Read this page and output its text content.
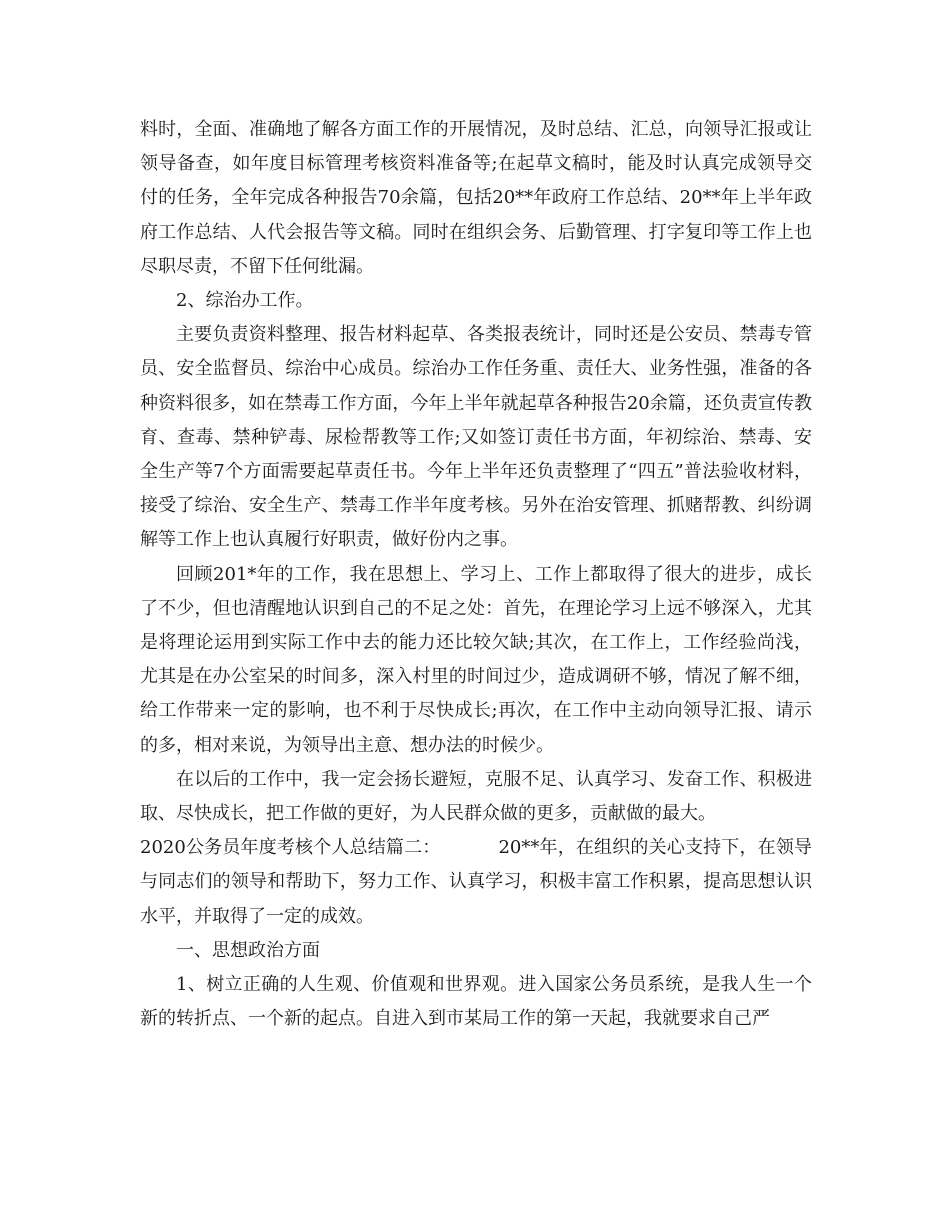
料时，全面、准确地了解各方面工作的开展情况，及时总结、汇总，向领导汇报或让领导备查，如年度目标管理考核资料准备等;在起草文稿时，能及时认真完成领导交付的任务，全年完成各种报告70余篇，包括20**年政府工作总结、20**年上半年政府工作总结、人代会报告等文稿。同时在组织会务、后勤管理、打字复印等工作上也尽职尽责，不留下任何纰漏。

2、综治办工作。

主要负责资料整理、报告材料起草、各类报表统计，同时还是公安员、禁毒专管员、安全监督员、综治中心成员。综治办工作任务重、责任大、业务性强，准备的各种资料很多，如在禁毒工作方面，今年上半年就起草各种报告20余篇，还负责宣传教育、查毒、禁种铲毒、尿检帮教等工作;又如签订责任书方面，年初综治、禁毒、安全生产等7个方面需要起草责任书。今年上半年还负责整理了“四五”普法验收材料，接受了综治、安全生产、禁毒工作半年度考核。另外在治安管理、抓赌帮教、纠纷调解等工作上也认真履行好职责，做好份内之事。

回顾201*年的工作，我在思想上、学习上、工作上都取得了很大的进步，成长了不少，但也清醒地认识到自己的不足之处：首先，在理论学习上远不够深入，尤其是将理论运用到实际工作中去的能力还比较欠缺;其次，在工作上，工作经验尚浅，尤其是在办公室呆的时间多，深入村里的时间过少，造成调研不够，情况了解不细，给工作带来一定的影响，也不利于尽快成长;再次，在工作中主动向领导汇报、请示的多，相对来说，为领导出主意、想办法的时候少。

在以后的工作中，我一定会扬长避短，克服不足、认真学习、发奋工作、积极进取、尽快成长，把工作做的更好，为人民群众做的更多，贡献做的最大。

2020公务员年度考核个人总结篇二：	20**年，在组织的关心支持下，在领导与同志们的领导和帮助下，努力工作、认真学习，积极丰富工作积累，提高思想认识水平，并取得了一定的成效。

一、思想政治方面

1、树立正确的人生观、价值观和世界观。进入国家公务员系统，是我人生一个新的转折点、一个新的起点。自进入到市某局工作的第一天起，我就要求自己严
